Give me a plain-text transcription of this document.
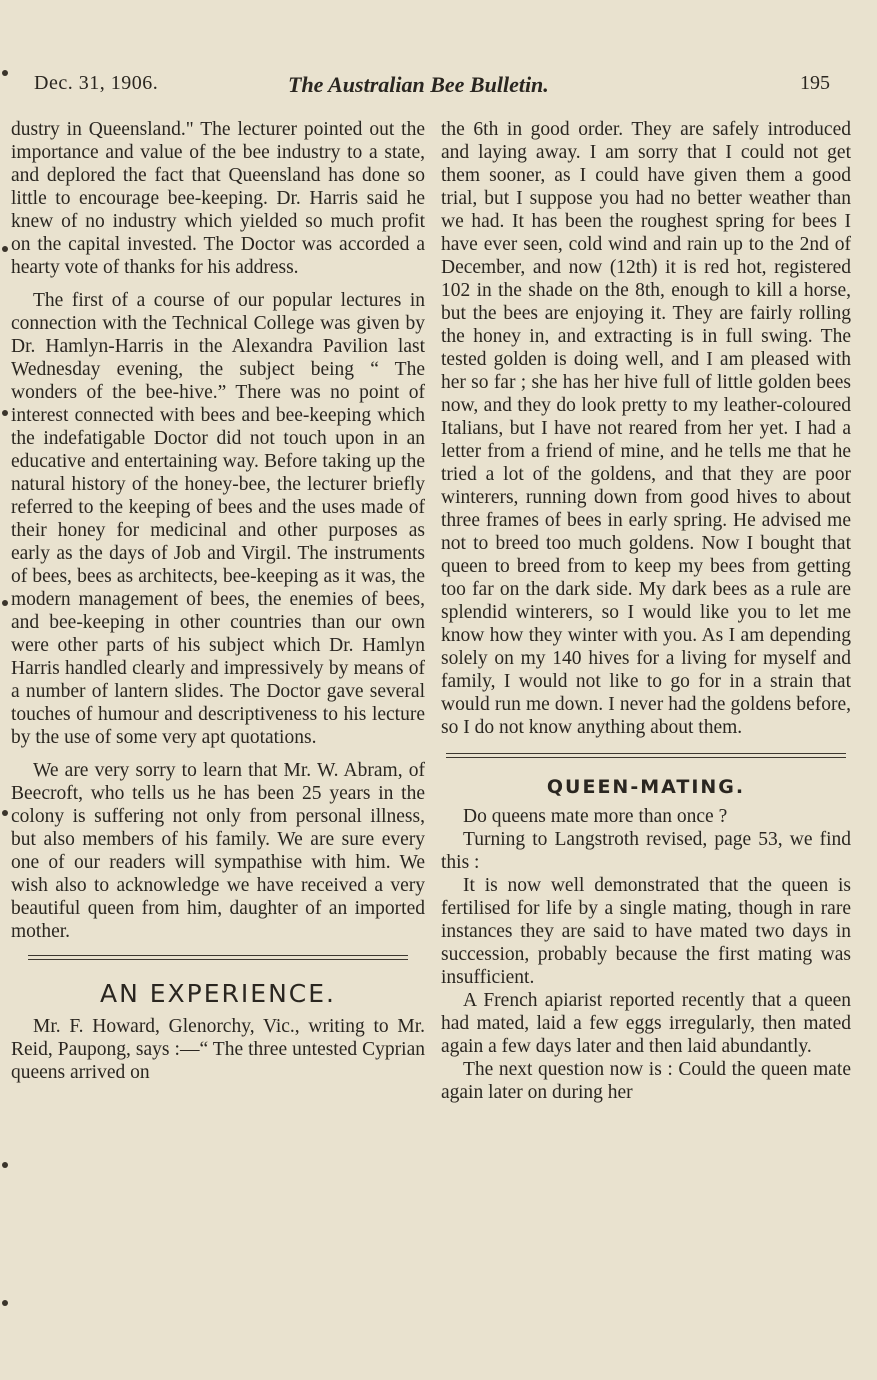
Dec. 31, 1906.	The Australian Bee Bulletin.	195

dustry in Queensland." The lecturer pointed out the importance and value of the bee industry to a state, and deplored the fact that Queensland has done so little to encourage bee-keeping. Dr. Harris said he knew of no industry which yielded so much profit on the capital invested. The Doctor was accorded a hearty vote of thanks for his address.

The first of a course of our popular lectures in connection with the Technical College was given by Dr. Hamlyn-Harris in the Alexandra Pavilion last Wednesday evening, the subject being “ The wonders of the bee-hive.” There was no point of interest connected with bees and bee-keeping which the indefatigable Doctor did not touch upon in an educative and entertaining way. Before taking up the natural history of the honey-bee, the lecturer briefly referred to the keeping of bees and the uses made of their honey for medicinal and other purposes as early as the days of Job and Virgil. The instruments of bees, bees as architects, bee-keeping as it was, the modern management of bees, the enemies of bees, and bee-keeping in other countries than our own were other parts of his subject which Dr. Hamlyn Harris handled clearly and impressively by means of a number of lantern slides. The Doctor gave several touches of humour and descriptiveness to his lecture by the use of some very apt quotations.

We are very sorry to learn that Mr. W. Abram, of Beecroft, who tells us he has been 25 years in the colony is suffering not only from personal illness, but also members of his family. We are sure every one of our readers will sympathise with him. We wish also to acknowledge we have received a very beautiful queen from him, daughter of an imported mother.

AN EXPERIENCE.

Mr. F. Howard, Glenorchy, Vic., writing to Mr. Reid, Paupong, says :—“ The three untested Cyprian queens arrived on

the 6th in good order. They are safely introduced and laying away. I am sorry that I could not get them sooner, as I could have given them a good trial, but I suppose you had no better weather than we had. It has been the roughest spring for bees I have ever seen, cold wind and rain up to the 2nd of December, and now (12th) it is red hot, registered 102 in the shade on the 8th, enough to kill a horse, but the bees are enjoying it. They are fairly rolling the honey in, and extracting is in full swing. The tested golden is doing well, and I am pleased with her so far ; she has her hive full of little golden bees now, and they do look pretty to my leather-coloured Italians, but I have not reared from her yet. I had a letter from a friend of mine, and he tells me that he tried a lot of the goldens, and that they are poor winterers, running down from good hives to about three frames of bees in early spring. He advised me not to breed too much goldens. Now I bought that queen to breed from to keep my bees from getting too far on the dark side. My dark bees as a rule are splendid winterers, so I would like you to let me know how they winter with you. As I am depending solely on my 140 hives for a living for myself and family, I would not like to go for in a strain that would run me down. I never had the goldens before, so I do not know anything about them.

QUEEN-MATING.

Do queens mate more than once ?

Turning to Langstroth revised, page 53, we find this :

It is now well demonstrated that the queen is fertilised for life by a single mating, though in rare instances they are said to have mated two days in succession, probably because the first mating was insufficient.

A French apiarist reported recently that a queen had mated, laid a few eggs irregularly, then mated again a few days later and then laid abundantly.

The next question now is : Could the queen mate again later on during her
